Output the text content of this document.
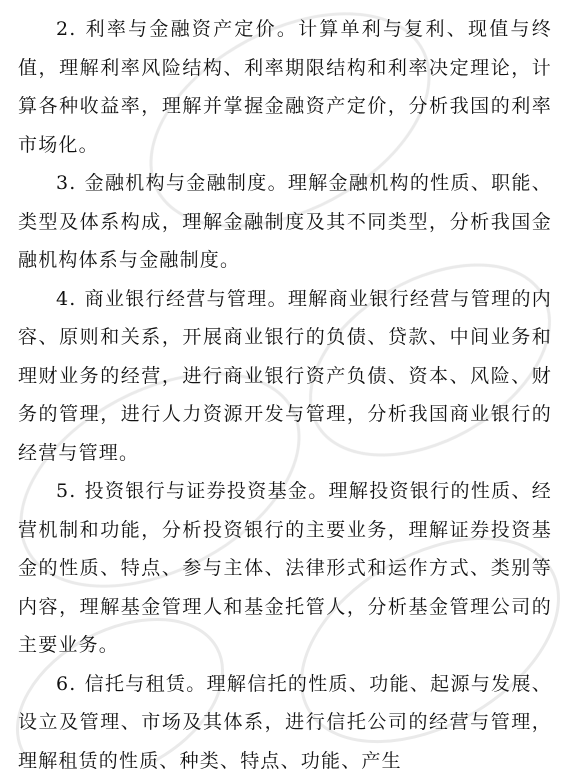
2. 利率与金融资产定价。计算单利与复利、现值与终值，理解利率风险结构、利率期限结构和利率决定理论，计算各种收益率，理解并掌握金融资产定价，分析我国的利率市场化。

3. 金融机构与金融制度。理解金融机构的性质、职能、类型及体系构成，理解金融制度及其不同类型，分析我国金融机构体系与金融制度。

4. 商业银行经营与管理。理解商业银行经营与管理的内容、原则和关系，开展商业银行的负债、贷款、中间业务和理财业务的经营，进行商业银行资产负债、资本、风险、财务的管理，进行人力资源开发与管理，分析我国商业银行的经营与管理。

5. 投资银行与证券投资基金。理解投资银行的性质、经营机制和功能，分析投资银行的主要业务，理解证券投资基金的性质、特点、参与主体、法律形式和运作方式、类别等内容，理解基金管理人和基金托管人，分析基金管理公司的主要业务。

6. 信托与租赁。理解信托的性质、功能、起源与发展、设立及管理、市场及其体系，进行信托公司的经营与管理，理解租赁的性质、种类、特点、功能、产生
